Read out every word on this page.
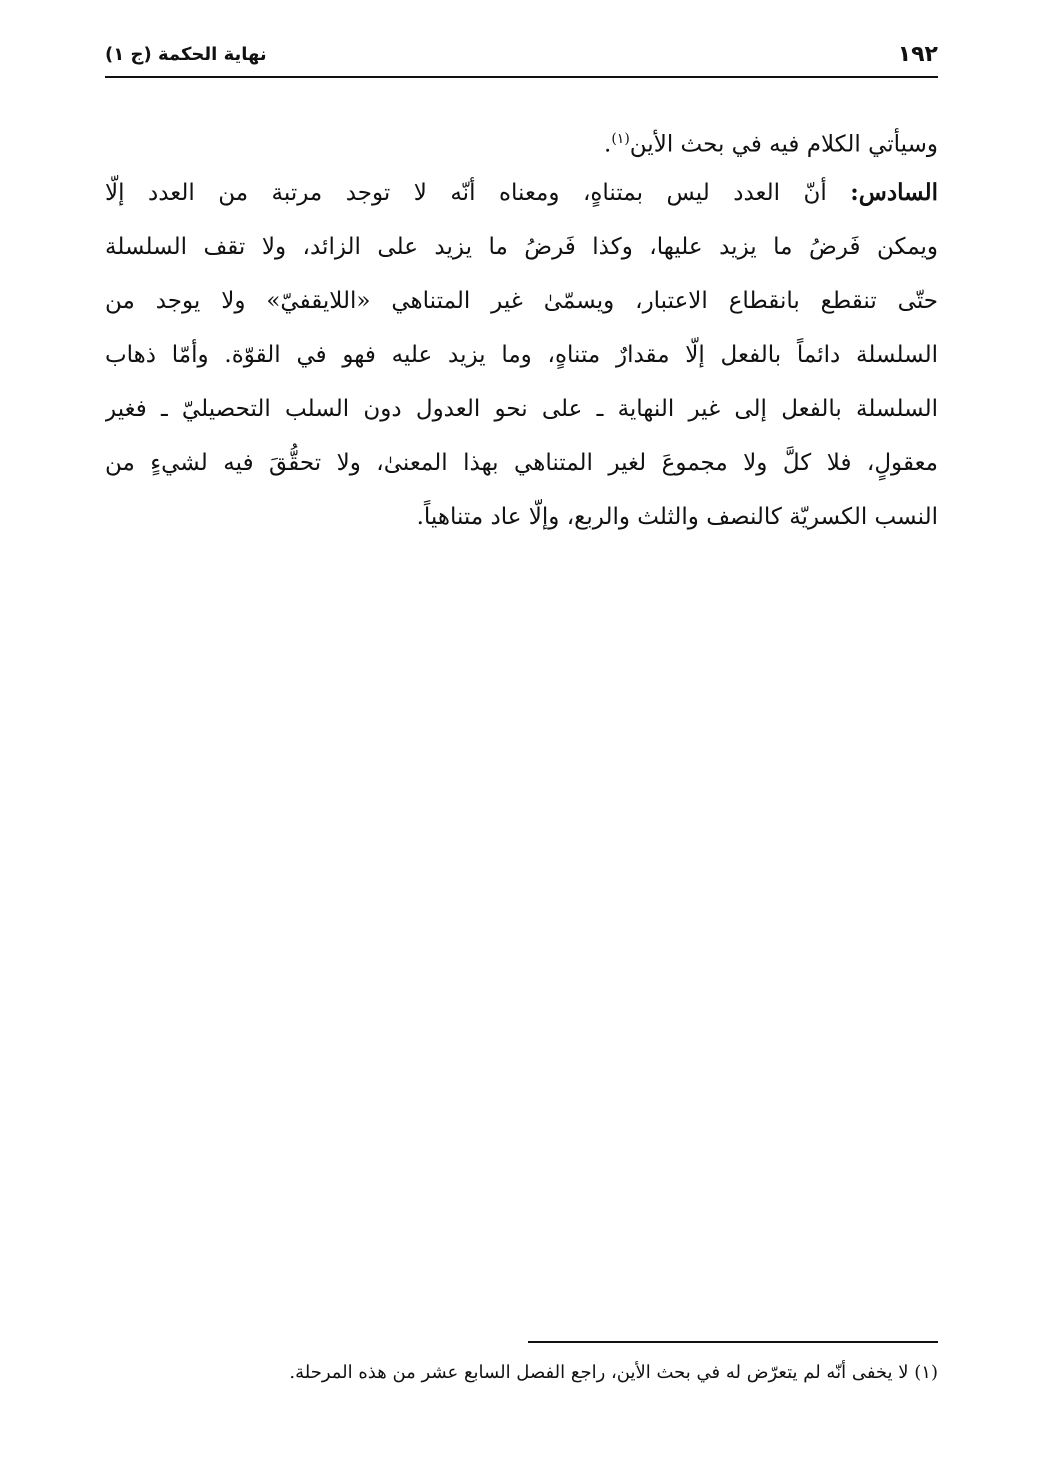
١٩٢
نهاية الحكمة (ج ١)
وسيأتي الكلام فيه في بحث الأين$^{(١)}$.
السادس: أنّ العدد ليس بمتناهٍ، ومعناه أنّه لا توجد مرتبة من العدد إلّا
ويمكن فَرضُ ما يزيد عليها، وكذا فَرضُ ما يزيد على الزائد، ولا تقف السلسلة
حتّى تنقطع بانقطاع الاعتبار، ويسمّىٰ غير المتناهي «اللايقفيّ» ولا يوجد من
السلسلة دائماً بالفعل إلّا مقدارٌ متناهٍ، وما يزيد عليه فهو في القوّة. وأمّا ذهاب
السلسلة بالفعل إلى غير النهاية ـ على نحو العدول دون السلب التحصيليّ ـ فغير
معقولٍ، فلا كلَّ ولا مجموعَ لغير المتناهي بهذا المعنىٰ، ولا تحقُّقَ فيه لشيءٍ من
النسب الكسريّة كالنصف والثلث والربع، وإلّا عاد متناهياً.
(١) لا يخفى أنّه لم يتعرّض له في بحث الأين، راجع الفصل السابع عشر من هذه المرحلة.
